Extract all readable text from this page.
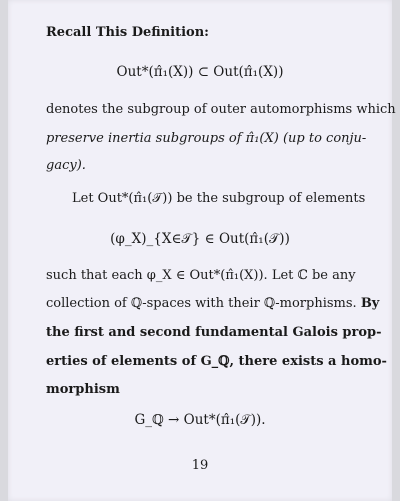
Recall This Definition:
Out*(π̂₁(X)) ⊂ Out(π̂₁(X))
denotes the subgroup of outer automorphisms which
preserve inertia subgroups of π̂₁(X) (up to conju-
gacy).
Let Out*(π̂₁(𝒯)) be the subgroup of elements
(φ_X)_{X∈𝒯} ∈ Out(π̂₁(𝒯))
such that each φ_X ∈ Out*(π̂₁(X)). Let ℂ be any
collection of ℚ-spaces with their ℚ-morphisms. By
the first and second fundamental Galois prop-
erties of elements of G_ℚ, there exists a homo-
morphism
G_ℚ → Out*(π̂₁(𝒯)).
19
